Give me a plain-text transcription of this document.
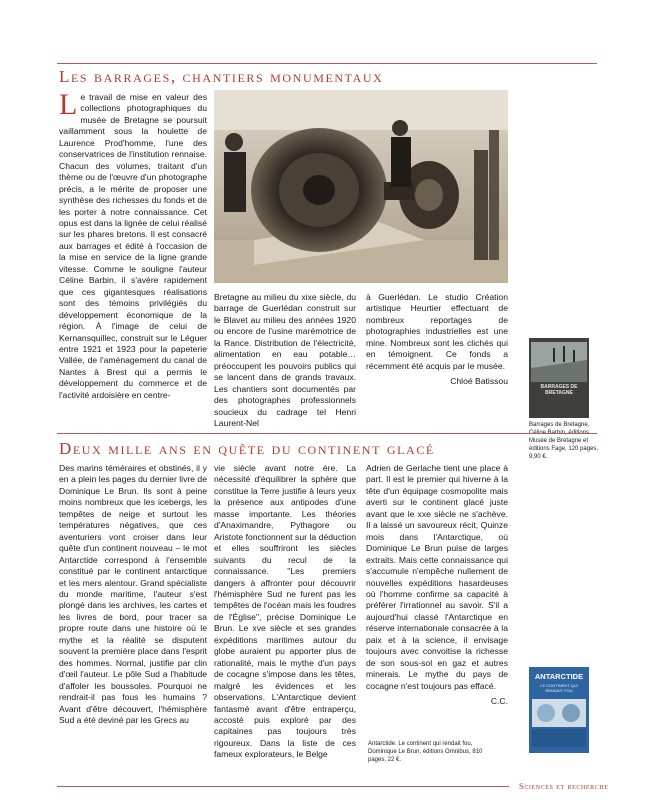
Les barrages, chantiers monumentaux

Le travail de mise en valeur des collections photographiques du musée de Bretagne se poursuit vaillamment sous la houlette de Laurence Prod'homme, l'une des conservatrices de l'institution rennaise. Chacun des volumes, traitant d'un thème ou de l'œuvre d'un photographe précis, a le mérite de proposer une synthèse des richesses du fonds et de les porter à notre connaissance. Cet opus est dans la lignée de celui réalisé sur les phares bretons. Il est consacré aux barrages et édité à l'occasion de la mise en service de la ligne grande vitesse. Comme le souligne l'auteur Céline Barbin, il s'avère rapidement que ces gigantesques réalisations sont des témoins privilégiés du développement économique de la région. À l'image de celui de Kernansquillec, construit sur le Léguer entre 1921 et 1923 pour la papeterie Vallée, de l'aménagement du canal de Nantes à Brest qui a permis le développement du commerce et de l'activité ardoisière en centre-

Bretagne au milieu du xixe siècle, du barrage de Guerlédan construit sur le Blavet au milieu des années 1920 ou encore de l'usine marémotrice de la Rance. Distribution de l'électricité, alimentation en eau potable… préoccupent les pouvoirs publics qui se lancent dans de grands travaux. Les chantiers sont documentés par des photographes professionnels soucieux du cadrage tel Henri Laurent-Nel

à Guerlédan. Le studio Création artistique Heurtier effectuant de nombreux reportages de photographies industrielles est une mine. Nombreux sont les clichés qui en témoignent. Ce fonds a récemment été acquis par le musée.

Chloé Batissou

BARRAGES DE BRETAGNE
Barrages de Bretagne, Céline Barbin, éditions Musée de Bretagne et éditions Fage, 120 pages, 9,90 €.
Deux mille ans en quête du continent glacé

Des marins téméraires et obstinés, il y en a plein les pages du dernier livre de Dominique Le Brun. Ils sont à peine moins nombreux que les icebergs, les tempêtes de neige et surtout les températures négatives, que ces aventuriers vont croiser dans leur quête d'un continent nouveau – le mot Antarctide correspond à l'ensemble constitué par le continent antarctique et les mers alentour. Grand spécialiste du monde maritime, l'auteur s'est plongé dans les archives, les cartes et les livres de bord, pour tracer sa propre route dans une histoire où le mythe et la réalité se disputent souvent la première place dans l'esprit des hommes. Normal, justifie par clin d'œil l'auteur. Le pôle Sud a l'habitude d'affoler les boussoles. Pourquoi ne rendrait-il pas fous les humains ? Avant d'être découvert, l'hémisphère Sud a été deviné par les Grecs au

vie siècle avant notre ère. La nécessité d'équilibrer la sphère que constitue la Terre justifie à leurs yeux la présence aux antipodes d'une masse importante. Les théories d'Anaximandre, Pythagore ou Aristote fonctionnent sur la déduction et elles souffriront les siècles suivants du recul de la connaissance. "Les premiers dangers à affronter pour découvrir l'hémisphère Sud ne furent pas les tempêtes de l'océan mais les foudres de l'Église", précise Dominique Le Brun. Le xve siècle et ses grandes expéditions maritimes autour du globe auraient pu apporter plus de rationalité, mais le mythe d'un pays de cocagne s'impose dans les têtes, malgré les évidences et les observations. L'Antarctique devient fantasmé avant d'être entraperçu, accosté puis exploré par des capitaines pas toujours très rigoureux. Dans la liste de ces fameux explorateurs, le Belge

Adrien de Gerlache tient une place à part. Il est le premier qui hiverne à la tête d'un équipage cosmopolite mais averti sur le continent glacé juste avant que le xxe siècle ne s'achève. Il a laissé un savoureux récit, Quinze mois dans l'Antarctique, où Dominique Le Brun puise de larges extraits. Mais cette connaissance qui s'accumule n'empêche nullement de nouvelles expéditions hasardeuses où l'homme confirme sa capacité à préférer l'irrationnel au savoir. S'il a aujourd'hui classé l'Antarctique en réserve internationale consacrée à la paix et à la science, il envisage toujours avec convoitise la richesse de son sous-sol en gaz et autres minerais. Le mythe du pays de cocagne n'est toujours pas effacé.

C.C.

ANTARCTIDE
LE CONTINENT QUI RENDAIT FOU
Antarctide. Le continent qui rendait fou, Dominique Le Brun, éditions Omnibus, 810 pages, 22 €.
Sciences et recherche
